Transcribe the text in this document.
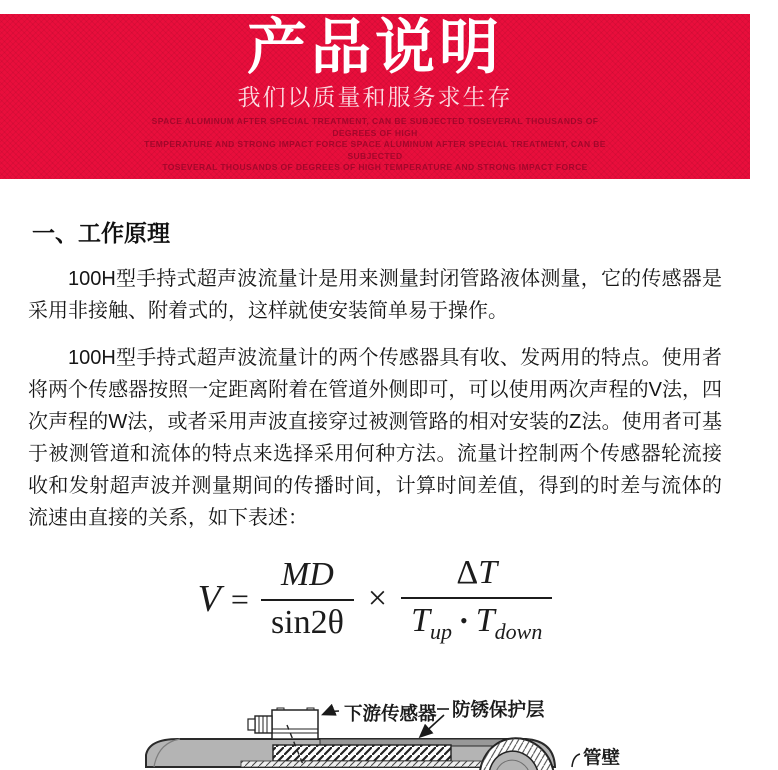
产品说明
我们以质量和服务求生存
SPACE ALUMINUM AFTER SPECIAL TREATMENT, CAN BE SUBJECTED TOSEVERAL THOUSANDS OF DEGREES OF HIGH
TEMPERATURE AND STRONG IMPACT FORCE SPACE ALUMINUM AFTER SPECIAL TREATMENT, CAN BE SUBJECTED
TOSEVERAL THOUSANDS OF DEGREES OF HIGH TEMPERATURE AND STRONG IMPACT FORCE
一、工作原理

100H型手持式超声波流量计是用来测量封闭管路液体测量，它的传感器是采用非接触、附着式的，这样就使安装简单易于操作。

100H型手持式超声波流量计的两个传感器具有收、发两用的特点。使用者将两个传感器按照一定距离附着在管道外侧即可，可以使用两次声程的V法，四次声程的W法，或者采用声波直接穿过被测管路的相对安装的Z法。使用者可基于被测管道和流体的特点来选择采用何种方法。流量计控制两个传感器轮流接收和发射超声波并测量期间的传播时间，计算时间差值，得到的时差与流体的流速由直接的关系，如下表述：

$V = \frac{MD}{\sin 2\theta} \times \frac{\Delta T}{T_{up} • T_{down}}$
下游传感器 防锈保护层
管壁
